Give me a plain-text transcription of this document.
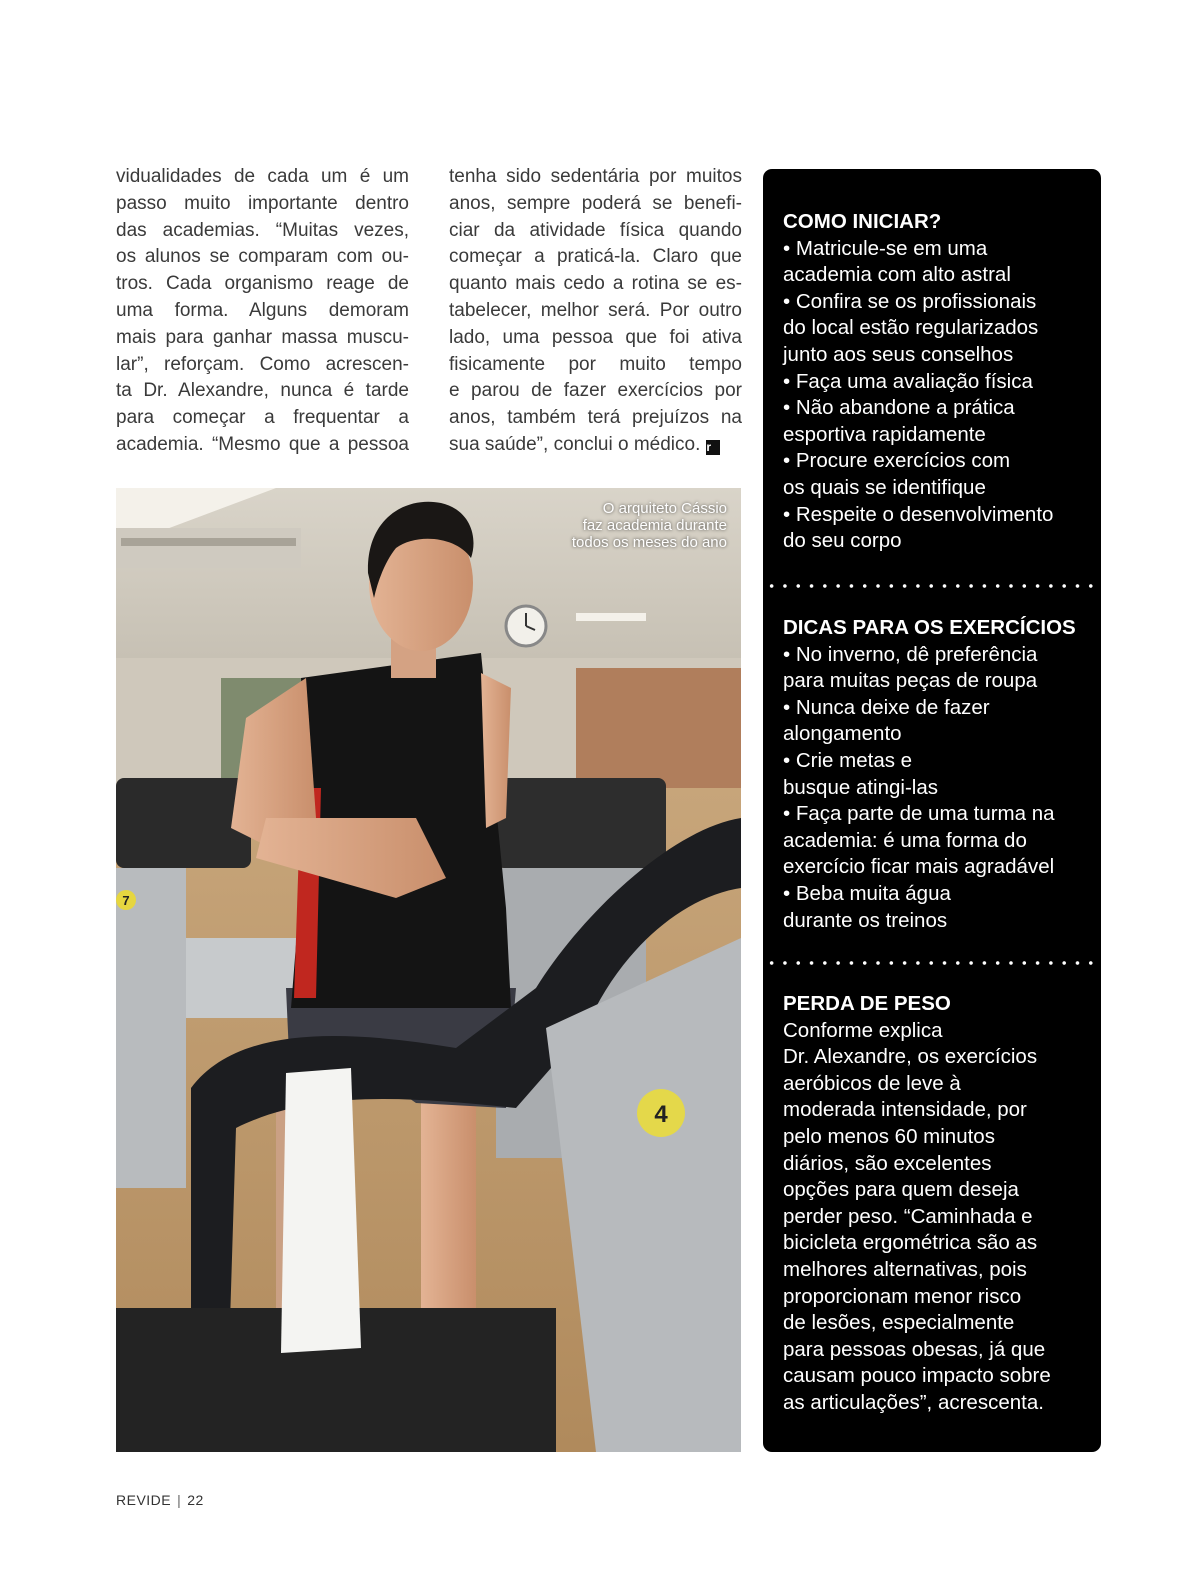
vidualidades de cada um é um
passo muito importante dentro
das academias. “Muitas vezes,
os alunos se comparam com ou-
tros. Cada organismo reage de
uma forma. Alguns demoram
mais para ganhar massa muscu-
lar”, reforçam. Como acrescen-
ta Dr. Alexandre, nunca é tarde
para começar a frequentar a
academia. “Mesmo que a pessoa
tenha sido sedentária por muitos
anos, sempre poderá se benefi-
ciar da atividade física quando
começar a praticá-la. Claro que
quanto mais cedo a rotina se es-
tabelecer, melhor será. Por outro
lado, uma pessoa que foi ativa
fisicamente por muito tempo
e parou de fazer exercícios por
anos, também terá prejuízos na
sua saúde”, conclui o médico. r
COMO INICIAR?
• Matricule-se em uma
academia com alto astral
• Confira se os profissionais
do local estão regularizados
junto aos seus conselhos
• Faça uma avaliação física
• Não abandone a prática
esportiva rapidamente
• Procure exercícios com
os quais se identifique
• Respeite o desenvolvimento
do seu corpo
DICAS PARA OS EXERCÍCIOS
• No inverno, dê preferência
para muitas peças de roupa
• Nunca deixe de fazer
alongamento
• Crie metas e
busque atingi-las
• Faça parte de uma turma na
academia: é uma forma do
exercício ficar mais agradável
• Beba muita água
durante os treinos
PERDA DE PESO
Conforme explica
Dr. Alexandre, os exercícios
aeróbicos de leve à
moderada intensidade, por
pelo menos 60 minutos
diários, são excelentes
opções para quem deseja
perder peso. “Caminhada e
bicicleta ergométrica são as
melhores alternativas, pois
proporcionam menor risco
de lesões, especialmente
para pessoas obesas, já que
causam pouco impacto sobre
as articulações”, acrescenta.
7
4
O arquiteto Cássio
faz academia durante
todos os meses do ano
REVIDE | 22
